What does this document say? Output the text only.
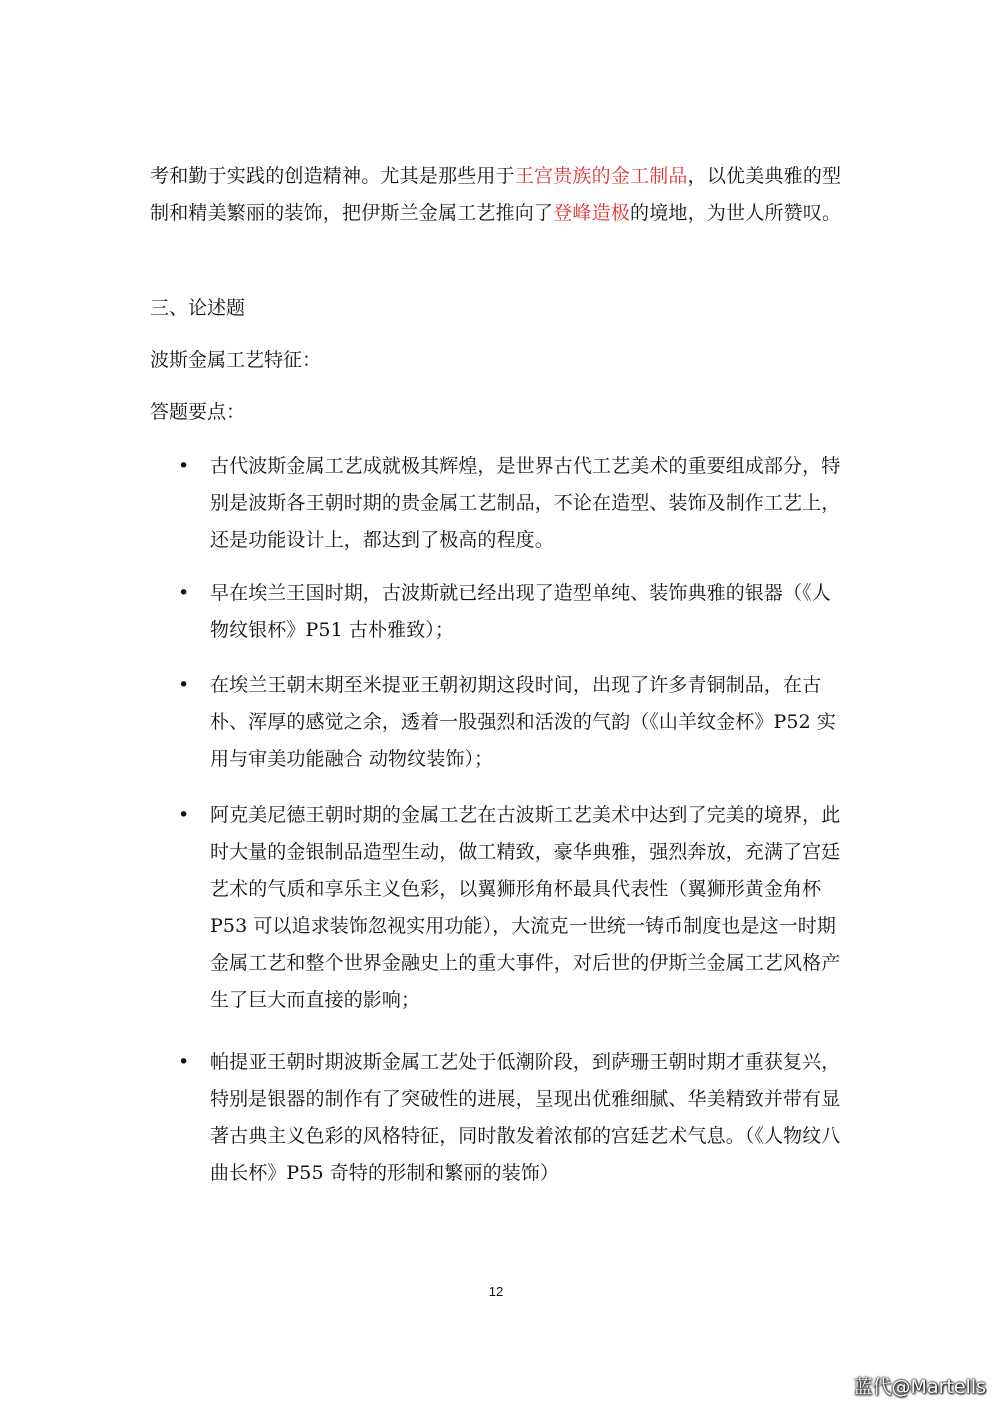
考和勤于实践的创造精神。尤其是那些用于王宫贵族的金工制品，以优美典雅的型制和精美繁丽的装饰，把伊斯兰金属工艺推向了登峰造极的境地，为世人所赞叹。
三、论述题
波斯金属工艺特征：
答题要点：
• 古代波斯金属工艺成就极其辉煌，是世界古代工艺美术的重要组成部分，特别是波斯各王朝时期的贵金属工艺制品，不论在造型、装饰及制作工艺上，还是功能设计上，都达到了极高的程度。
• 早在埃兰王国时期，古波斯就已经出现了造型单纯、装饰典雅的银器（《人物纹银杯》P51 古朴雅致）；
• 在埃兰王朝末期至米提亚王朝初期这段时间，出现了许多青铜制品，在古朴、浑厚的感觉之余，透着一股强烈和活泼的气韵（《山羊纹金杯》P52 实用与审美功能融合 动物纹装饰）；
• 阿克美尼德王朝时期的金属工艺在古波斯工艺美术中达到了完美的境界，此时大量的金银制品造型生动，做工精致，豪华典雅，强烈奔放，充满了宫廷艺术的气质和享乐主义色彩，以翼狮形角杯最具代表性（翼狮形黄金角杯 P53 可以追求装饰忽视实用功能），大流克一世统一铸币制度也是这一时期金属工艺和整个世界金融史上的重大事件，对后世的伊斯兰金属工艺风格产生了巨大而直接的影响；
• 帕提亚王朝时期波斯金属工艺处于低潮阶段，到萨珊王朝时期才重获复兴，特别是银器的制作有了突破性的进展，呈现出优雅细腻、华美精致并带有显著古典主义色彩的风格特征，同时散发着浓郁的宫廷艺术气息。（《人物纹八曲长杯》P55 奇特的形制和繁丽的装饰）
12
蓝代@Martells
